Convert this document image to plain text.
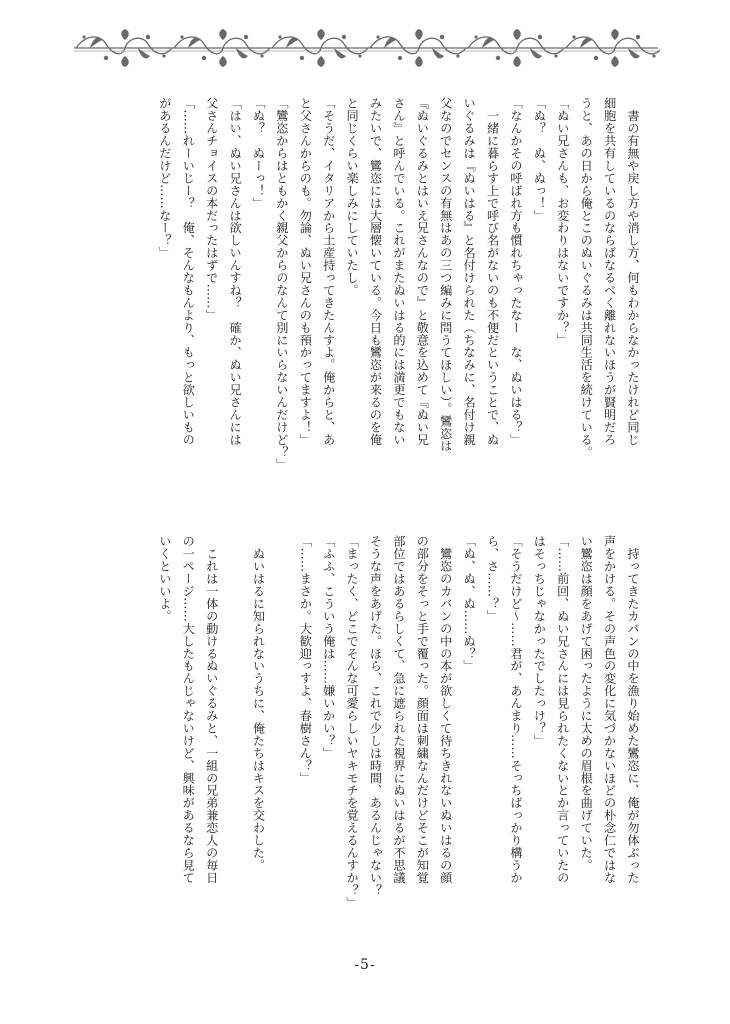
　書の有無や戻し方や消し方、何もわからなかったけれど同じ
細胞を共有しているのならばなるべく離れないほうが賢明だろ
うと、あの日から俺とこのぬいぐるみは共同生活を続けている。
「ぬい兄さんも、お変わりはないですか？」
「ぬ？　ぬ、ぬっ！」
「なんかその呼ばれ方も慣れちゃったなー　な、ぬいはる？」
　一緒に暮らす上で呼び名がないのも不便だということで、ぬ
いぐるみは『ぬいはる』と名付けられた（ちなみに、名付け親
父なのでセンスの有無はあの三つ編みに問うてほしい）。鸞恣は
『ぬいぐるみとはいえ兄さんなので』と敬意を込めて『ぬい兄
さん』と呼んでいる。これがまたぬいはる的には満更でもない
みたいで、鸞恣には大層懐いている。今日も鸞恣が来るのを俺
と同じくらい楽しみにしていたし。
「そうだ、イタリアから土産持ってきたんすよ。俺からと、あ
と父さんからのも。勿論、ぬい兄さんのも預かってますよ！」
「鸞恣からはともかく親父からのなんて別にいらないんだけど？」
「ぬ？　ぬーっ！」
「はい、ぬい兄さんは欲しいんすね？　確か、ぬい兄さんには
父さんチョイスの本だったはずで……」
「……れーいじー？　俺、そんなもんより、もっと欲しいもの
があるんだけど……なー？」
　持ってきたカバンの中を漁り始めた鸞恣に、俺が勿体ぶった
声をかける。その声色の変化に気づかないほどの朴念仁ではな
い鸞恣は顔をあげて困ったように太めの眉根を曲げていた。
「……前回、ぬい兄さんには見られたくないとか言っていたの
はそっちじゃなかったでしたっけ？」
「そうだけど〜……君が、あんまり……そっちばっかり構うか
ら、さ……？」
「ぬ、ぬ、ぬ……ぬ？」
　鸞恣のカバンの中の本が欲しくて待ちきれないぬいはるの顔
の部分をそっと手で覆った。顔面は刺繍なんだけどそこが知覚
部位ではあるらしくて、急に遮られた視界にぬいはるが不思議
そうな声をあげた。ほら、これで少しは時間、あるんじゃない？
「まったく、どこでそんな可愛らしいヤキモチを覚えるんすか？」
「ふふ、こういう俺は……嫌いかい？」
「……まさか。大歓迎っすよ、春樹さん？」

　ぬいはるに知られないうちに、俺たちはキスを交わした。

　これは一体の動けるぬいぐるみと、一組の兄弟兼恋人の毎日
の一ページ……大したもんじゃないけど、興味があるなら見て
いくといいよ。
-5-
